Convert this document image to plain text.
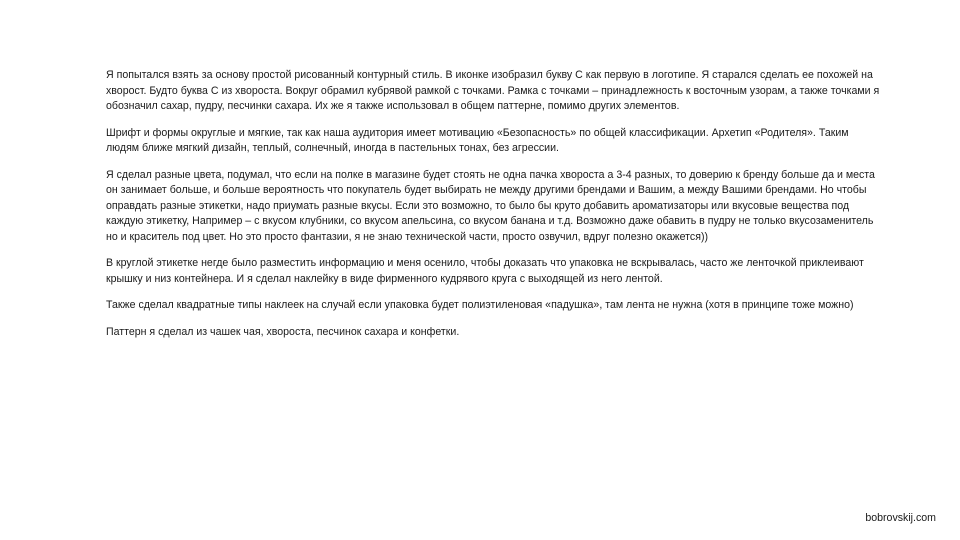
Я попытался взять за основу простой рисованный контурный стиль. В иконке изобразил букву С как первую в логотипе. Я старался сделать ее похожей на хворост. Будто буква С из хвороста. Вокруг обрамил кубрявой рамкой с точками. Рамка с точками – принадлежность к восточным узорам, а также точками я обозначил сахар, пудру, песчинки сахара. Их же я также использовал в общем паттерне, помимо других элементов.

Шрифт и формы округлые и мягкие, так как наша аудитория имеет мотивацию «Безопасность» по общей классификации. Архетип «Родителя». Таким людям ближе мягкий дизайн, теплый, солнечный, иногда в пастельных тонах, без агрессии.

Я сделал разные цвета, подумал, что если на полке в магазине будет стоять не одна пачка хвороста а 3-4 разных, то доверию к бренду больше да и места он занимает больше, и больше вероятность что покупатель будет выбирать не между другими брендами и Вашим, а между Вашими брендами. Но чтобы оправдать разные этикетки, надо приумать разные вкусы. Если это возможно, то было бы круто добавить ароматизаторы или вкусовые вещества под каждую этикетку, Например – с вкусом клубники, со вкусом апельсина, со вкусом банана и т.д. Возможно даже обавить в пудру не только вкусозаменитель но и краситель под цвет. Но это просто фантазии, я не знаю технической части, просто озвучил, вдруг полезно окажется))

В круглой этикетке негде было разместить информацию и меня осенило, чтобы доказать что упаковка не вскрывалась, часто же ленточкой приклеивают крышку и низ контейнера. И я сделал наклейку в виде фирменного кудрявого круга с выходящей из него лентой.

Также сделал квадратные типы наклеек на случай если упаковка будет полиэтиленовая «падушка», там лента не нужна (хотя в принципе тоже можно)

Паттерн я сделал из чашек чая, хвороста, песчинок сахара и конфетки.

bobrovskij.com
